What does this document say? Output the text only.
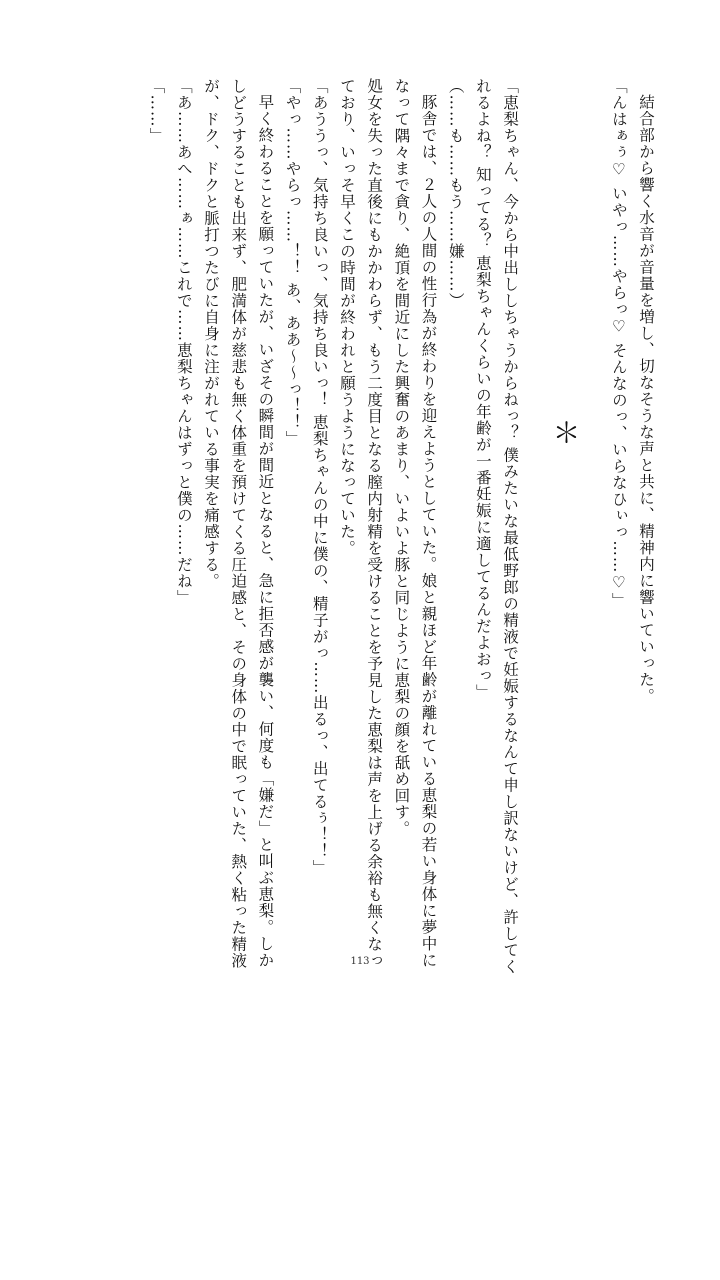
結合部から響く水音が音量を増し、切なそうな声と共に、精神内に響いていった。
「んはぁぅ♡ いやっ……やらっ♡ そんなのっ、いらなひぃっ……♡」
＊
「恵梨ちゃん、今から中出ししちゃうからねっ？ 僕みたいな最低野郎の精液で妊娠するなんて申し訳ないけど、許してく
れるよね？ 知ってる？ 恵梨ちゃんくらいの年齢が一番妊娠に適してるんだよおっ」
（……も……もう……嫌……）
豚舎では、２人の人間の性行為が終わりを迎えようとしていた。娘と親ほど年齢が離れている恵梨の若い身体に夢中に
なって隅々まで貪り、絶頂を間近にした興奮のあまり、いよいよ豚と同じように恵梨の顔を舐め回す。
処女を失った直後にもかかわらず、もう二度目となる膣内射精を受けることを予見した恵梨は声を上げる余裕も無くなっ
ており、いっそ早くこの時間が終われと願うようになっていた。
「あううっ、気持ち良いっ、気持ち良いっ！ 恵梨ちゃんの中に僕の、精子がっ……出るっ、出てるぅ！！」
「やっ……やらっ……！！ あ、ああ～～っ！！」
早く終わることを願っていたが、いざその瞬間が間近となると、急に拒否感が襲い、何度も「嫌だ」と叫ぶ恵梨。しか
しどうすることも出来ず、肥満体が慈悲も無く体重を預けてくる圧迫感と、その身体の中で眠っていた、熱く粘った精液
が、ドク、ドクと脈打つたびに自身に注がれている事実を痛感する。
「あ……あへ……ぁ……これで……恵梨ちゃんはずっと僕の……だね」
「……」
113
